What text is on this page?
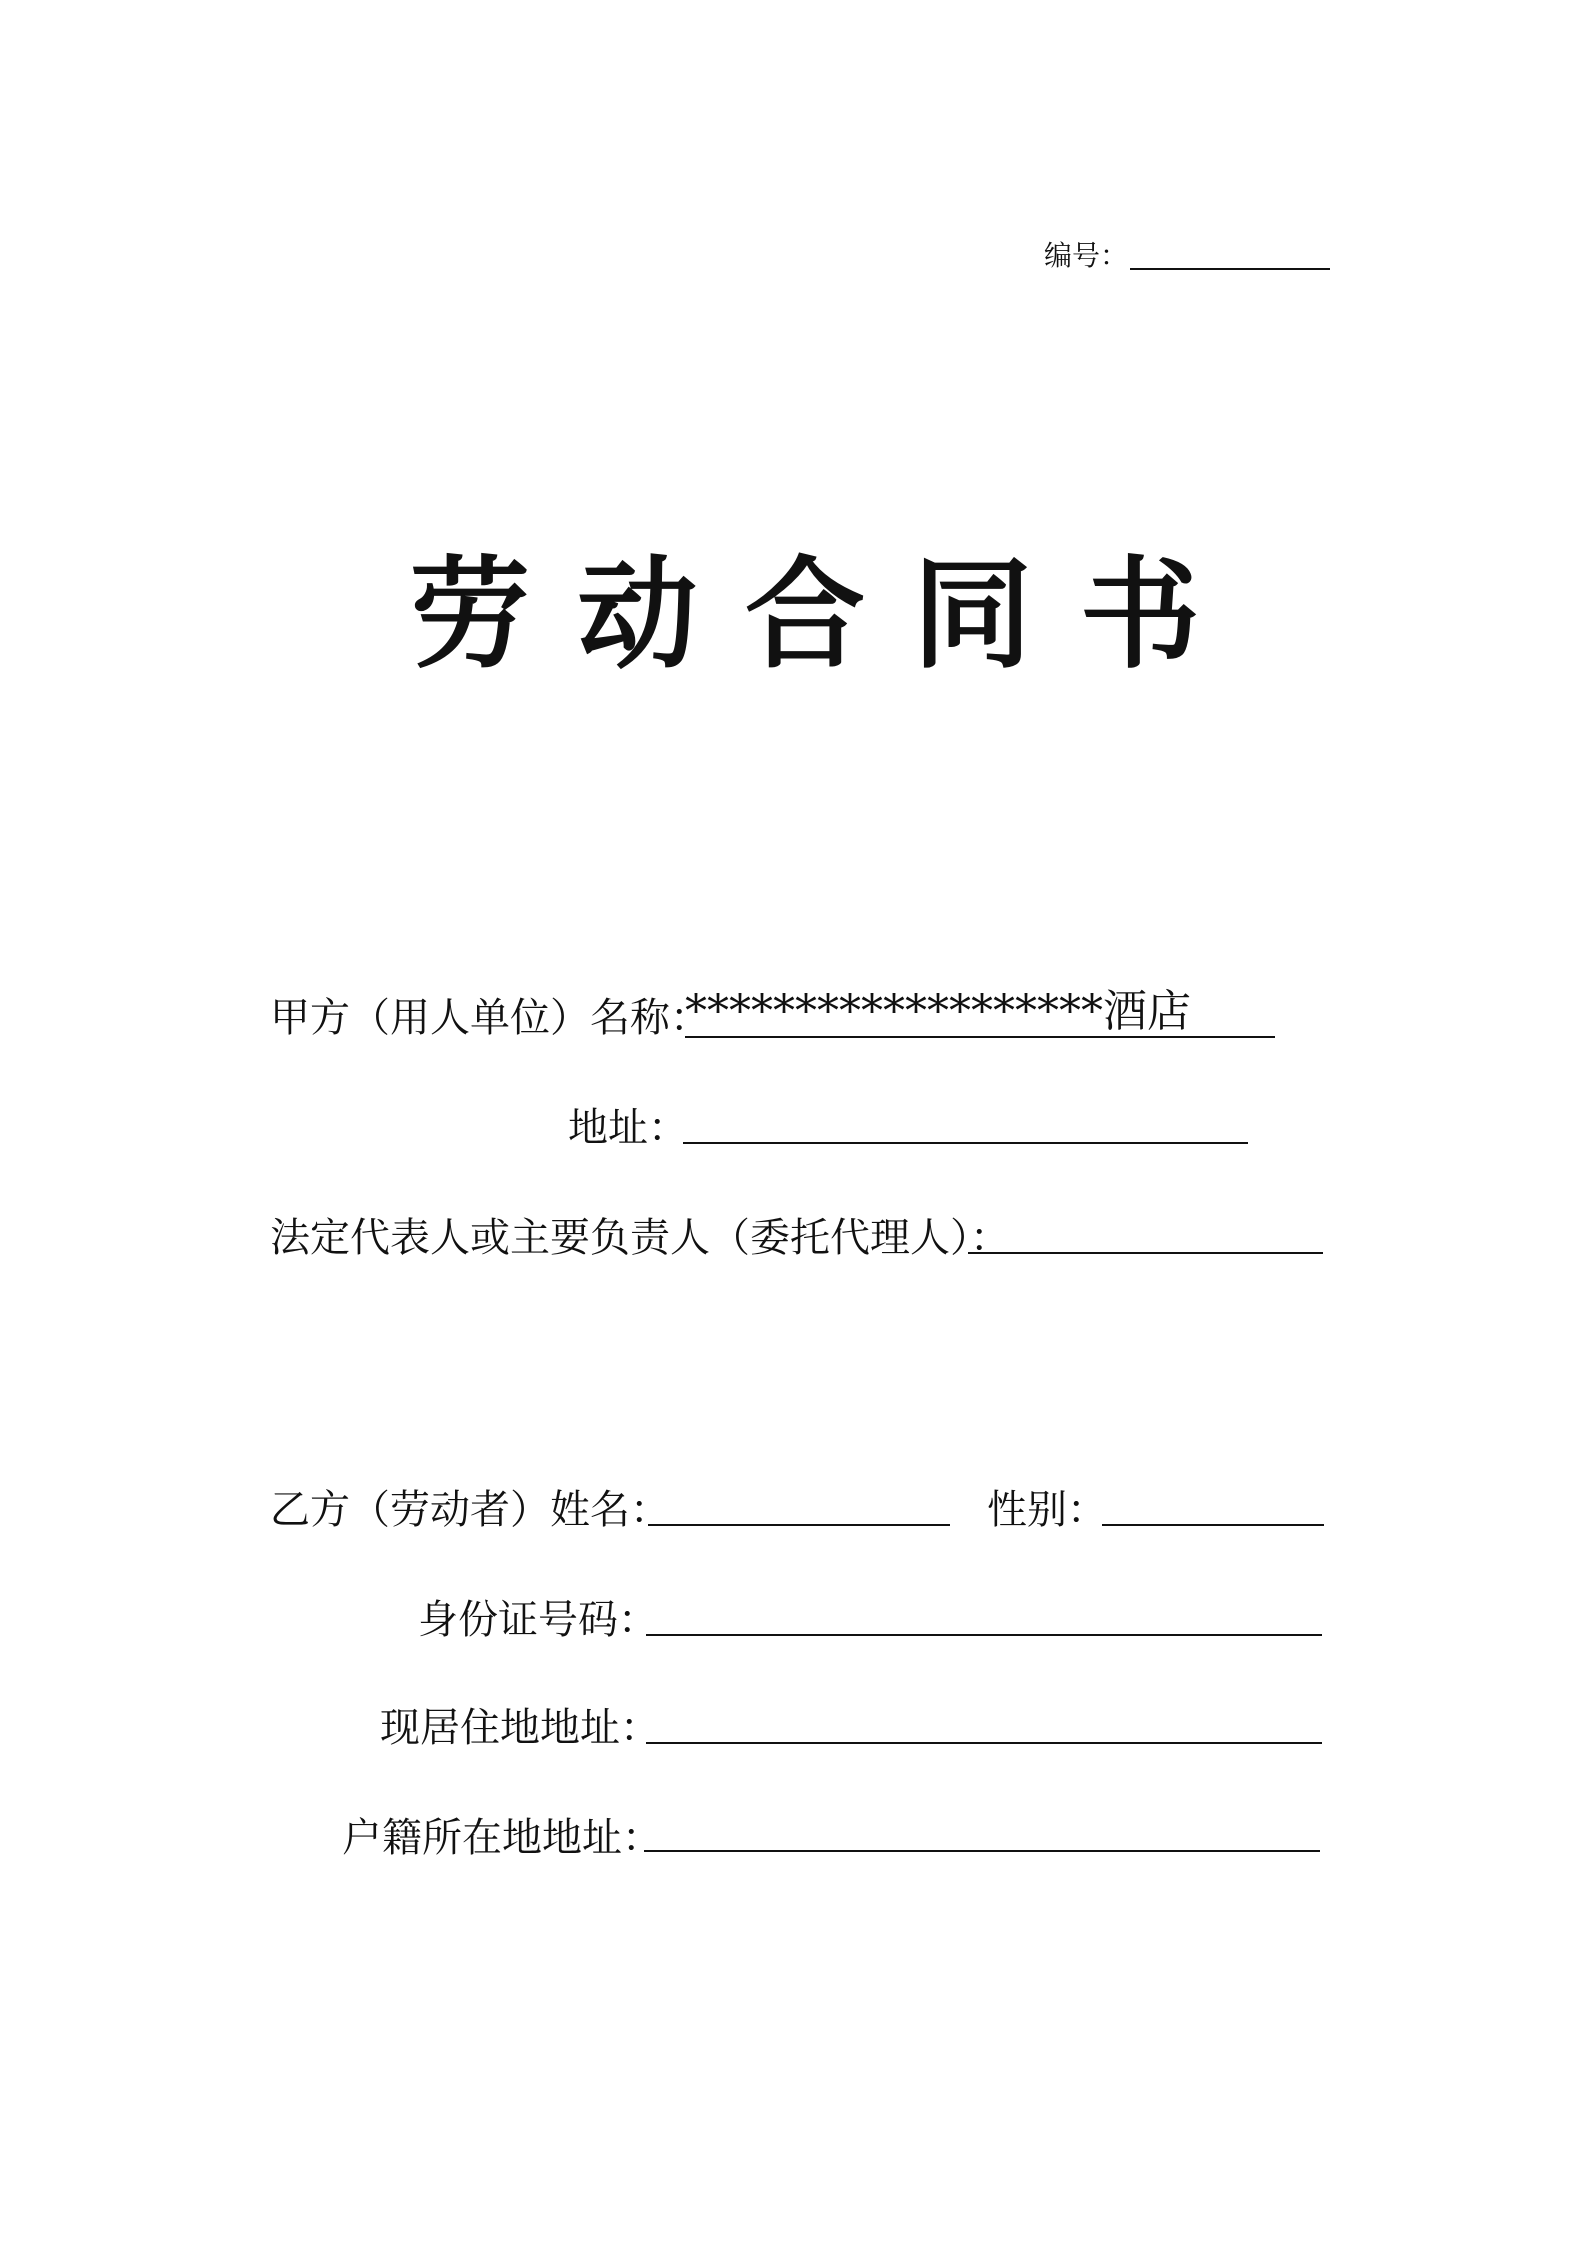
编号：
劳 动 合 同 书
甲方（用人单位）名称：
*******************酒店
地址：
法定代表人或主要负责人（委托代理人）：
乙方（劳动者）姓名：	性别：
身份证号码：
现居住地地址：
户籍所在地地址：
